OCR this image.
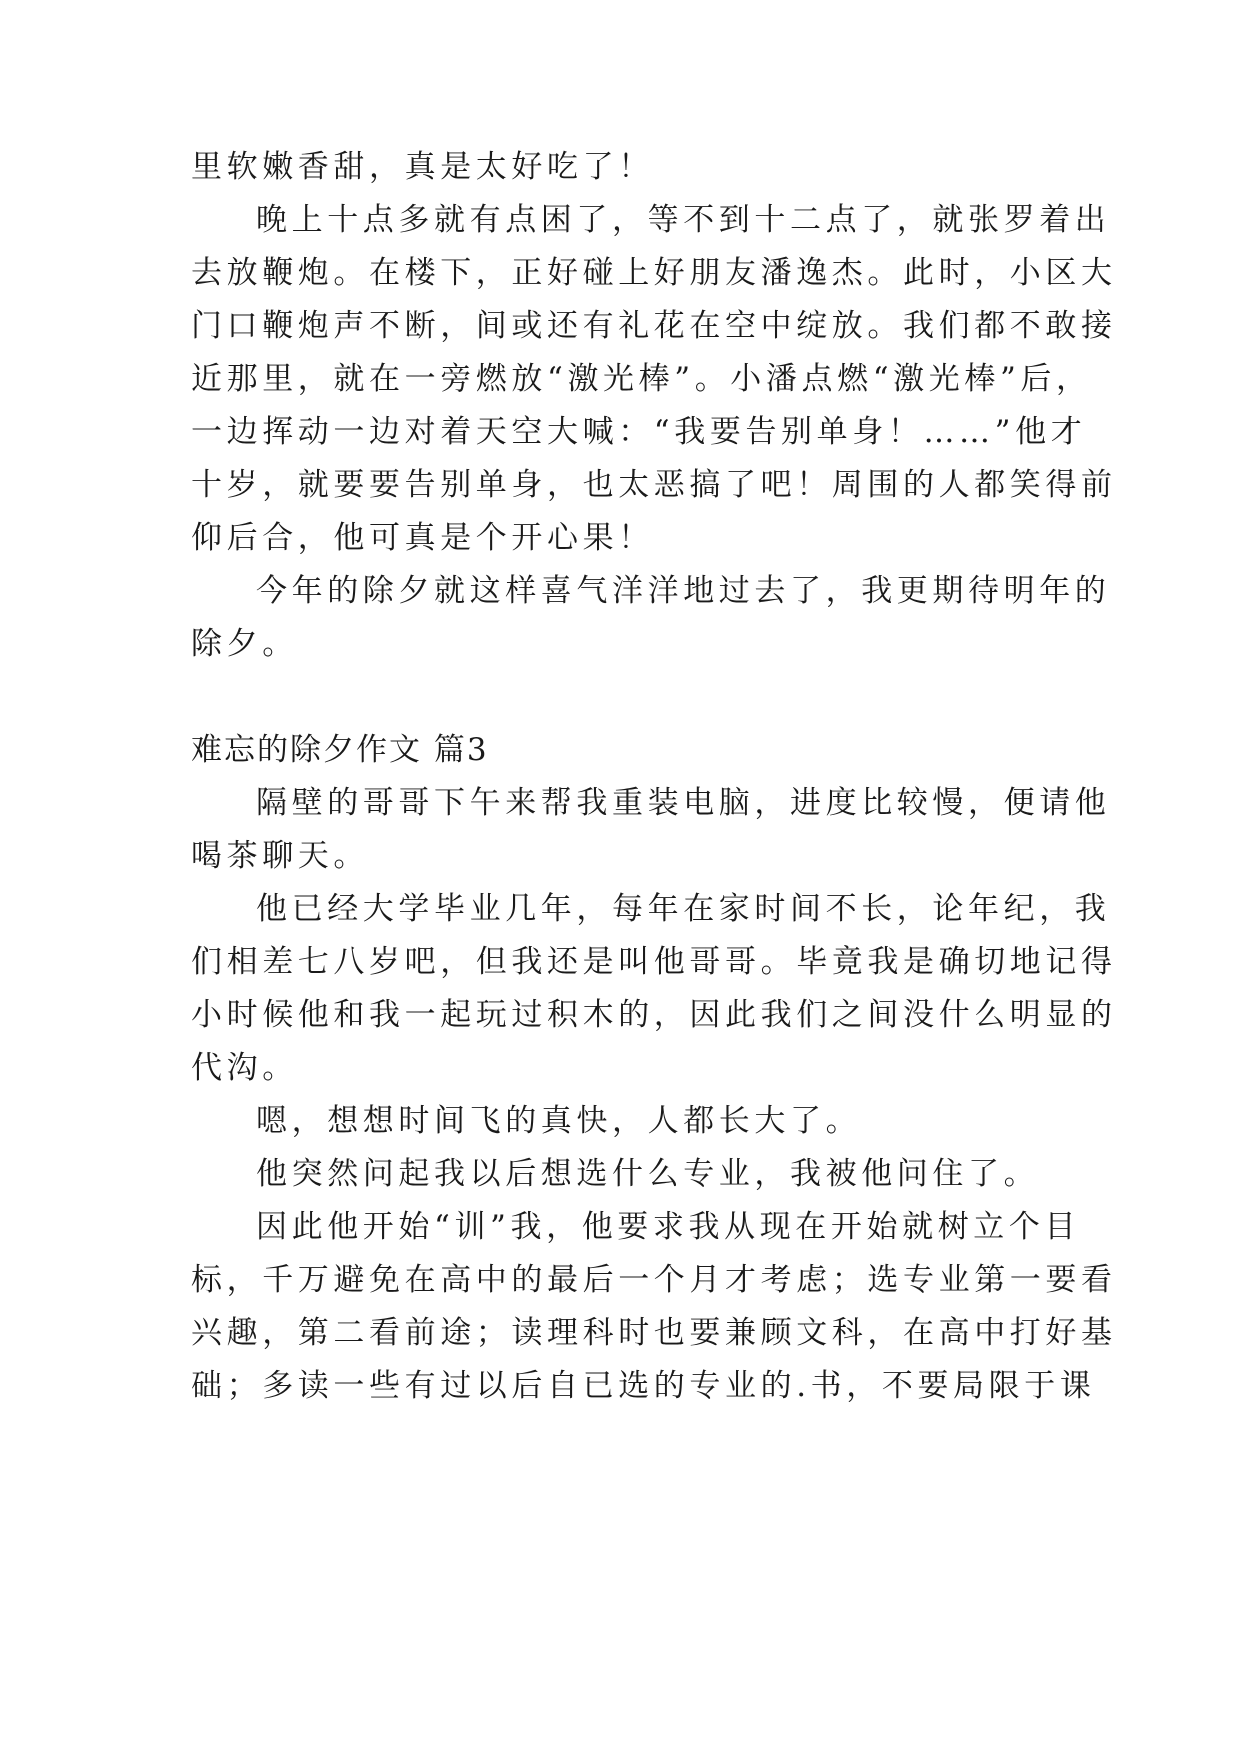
里软嫩香甜，真是太好吃了！
晚上十点多就有点困了，等不到十二点了，就张罗着出
去放鞭炮。在楼下，正好碰上好朋友潘逸杰。此时，小区大
门口鞭炮声不断，间或还有礼花在空中绽放。我们都不敢接
近那里，就在一旁燃放“激光棒”。小潘点燃“激光棒”后，
一边挥动一边对着天空大喊：“我要告别单身！……”他才
十岁，就要要告别单身，也太恶搞了吧！周围的人都笑得前
仰后合，他可真是个开心果！
今年的除夕就这样喜气洋洋地过去了，我更期待明年的
除夕。
难忘的除夕作文 篇3
隔壁的哥哥下午来帮我重装电脑，进度比较慢，便请他
喝茶聊天。
他已经大学毕业几年，每年在家时间不长，论年纪，我
们相差七八岁吧，但我还是叫他哥哥。毕竟我是确切地记得
小时候他和我一起玩过积木的，因此我们之间没什么明显的
代沟。
嗯，想想时间飞的真快，人都长大了。
他突然问起我以后想选什么专业，我被他问住了。
因此他开始“训”我，他要求我从现在开始就树立个目
标，千万避免在高中的最后一个月才考虑；选专业第一要看
兴趣，第二看前途；读理科时也要兼顾文科，在高中打好基
础；多读一些有过以后自已选的专业的.书，不要局限于课
